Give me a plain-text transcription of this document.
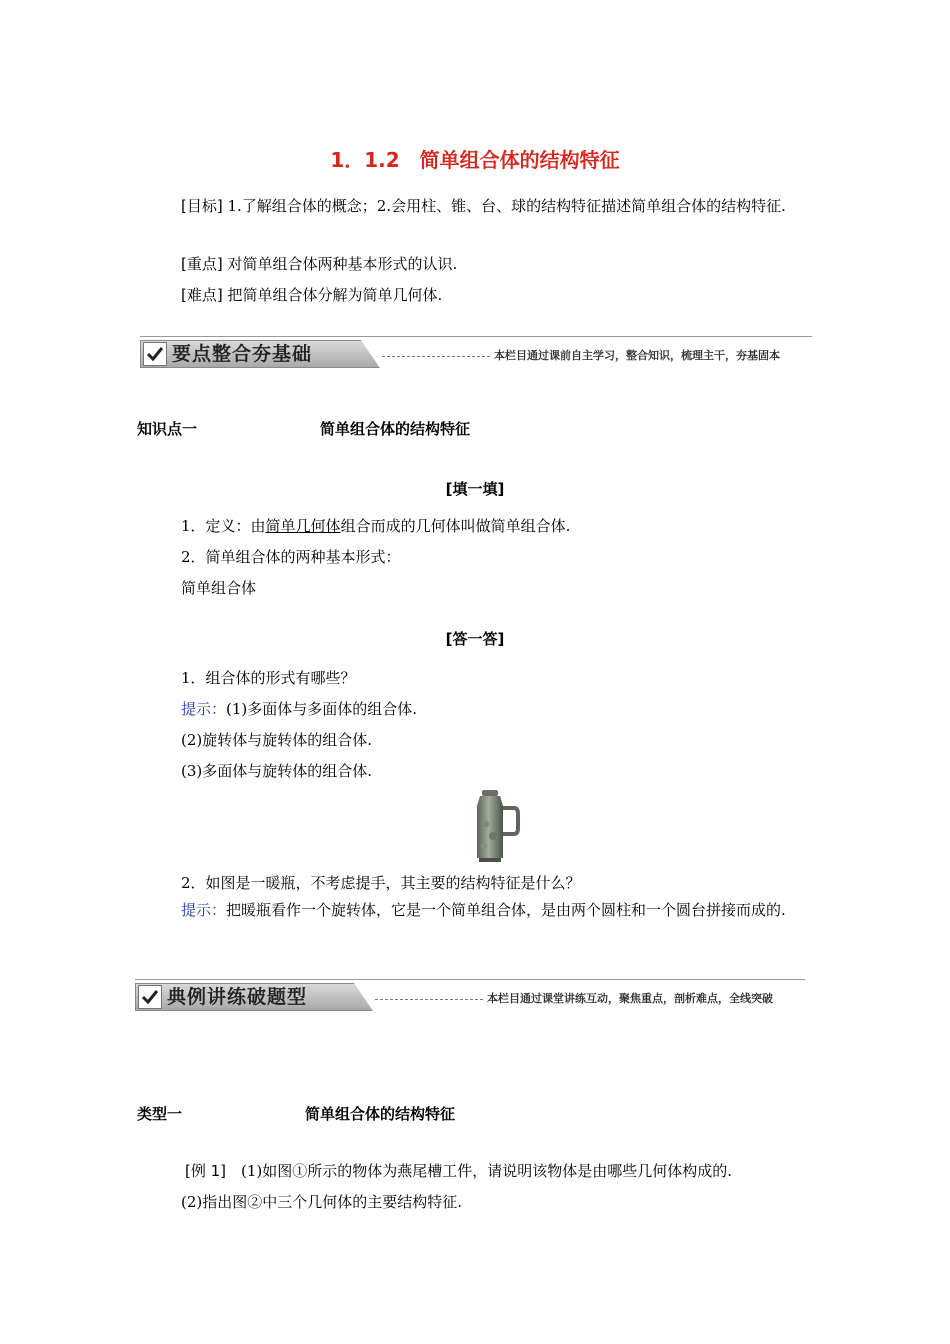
1．1.2　简单组合体的结构特征
[目标] 1.了解组合体的概念；2.会用柱、锥、台、球的结构特征描述简单组合体的结构特征.
[重点] 对简单组合体两种基本形式的认识.
[难点] 把简单组合体分解为简单几何体.
要点整合夯基础	本栏目通过课前自主学习，整合知识，梳理主干，夯基固本
知识点一	简单组合体的结构特征
[填一填]
1．定义：由简单几何体组合而成的几何体叫做简单组合体.
2．简单组合体的两种基本形式：
简单组合体
[答一答]
1．组合体的形式有哪些？
提示：(1)多面体与多面体的组合体.
(2)旋转体与旋转体的组合体.
(3)多面体与旋转体的组合体.
2．如图是一暖瓶，不考虑提手，其主要的结构特征是什么？
提示：把暖瓶看作一个旋转体，它是一个简单组合体，是由两个圆柱和一个圆台拼接而成的.
典例讲练破题型	本栏目通过课堂讲练互动，聚焦重点，剖析难点，全线突破
类型一	简单组合体的结构特征
[例 1]　(1)如图①所示的物体为燕尾槽工件，请说明该物体是由哪些几何体构成的.
(2)指出图②中三个几何体的主要结构特征.
